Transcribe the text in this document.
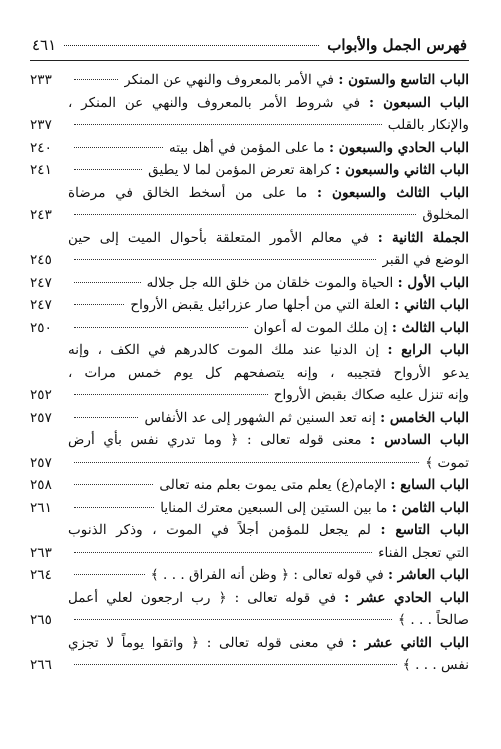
فهرس الجمل والأبواب
٤٦١
الباب التاسع والستون : في الأمر بالمعروف والنهي عن المنكر
٢٣٣
الباب السبعون : في شروط الأمر بالمعروف والنهي عن المنكر ،
والإنكار بالقلب
٢٣٧
الباب الحادي والسبعون : ما على المؤمن في أهل بيته
٢٤٠
الباب الثاني والسبعون : كراهة تعرض المؤمن لما لا يطيق
٢٤١
الباب الثالث والسبعون : ما على من أسخط الخالق في مرضاة
المخلوق
٢٤٣
الجملة الثانية : في معالم الأمور المتعلقة بأحوال الميت إلى حين
الوضع في القبر
٢٤٥
الباب الأول : الحياة والموت خلقان من خلق الله جل جلاله
٢٤٧
الباب الثاني : العلة التي من أجلها صار عزرائيل يقبض الأرواح
٢٤٧
الباب الثالث : إن ملك الموت له أعوان
٢٥٠
الباب الرابع : إن الدنيا عند ملك الموت كالدرهم في الكف ، وإنه
يدعو الأرواح فتجيبه ، وإنه يتصفحهم كل يوم خمس مرات ،
وإنه تنزل عليه صكاك بقبض الأرواح
٢٥٢
الباب الخامس : إنه تعد السنين ثم الشهور إلى عد الأنفاس
٢٥٧
الباب السادس : معنى قوله تعالى : ﴿ وما تدري نفس بأي أرض
تموت ﴾
٢٥٧
الباب السابع : الإمام(ع) يعلم متى يموت بعلم منه تعالى
٢٥٨
الباب الثامن : ما بين الستين إلى السبعين معترك المنايا
٢٦١
الباب التاسع : لم يجعل للمؤمن أجلاً في الموت ، وذكر الذنوب
التي تعجل الفناء
٢٦٣
الباب العاشر : في قوله تعالى : ﴿ وظن أنه الفراق . . . ﴾
٢٦٤
الباب الحادي عشر : في قوله تعالى : ﴿ رب ارجعون لعلي أعمل
صالحاً . . . ﴾
٢٦٥
الباب الثاني عشر : في معنى قوله تعالى : ﴿ واتقوا يوماً لا تجزي
نفس . . . ﴾
٢٦٦
